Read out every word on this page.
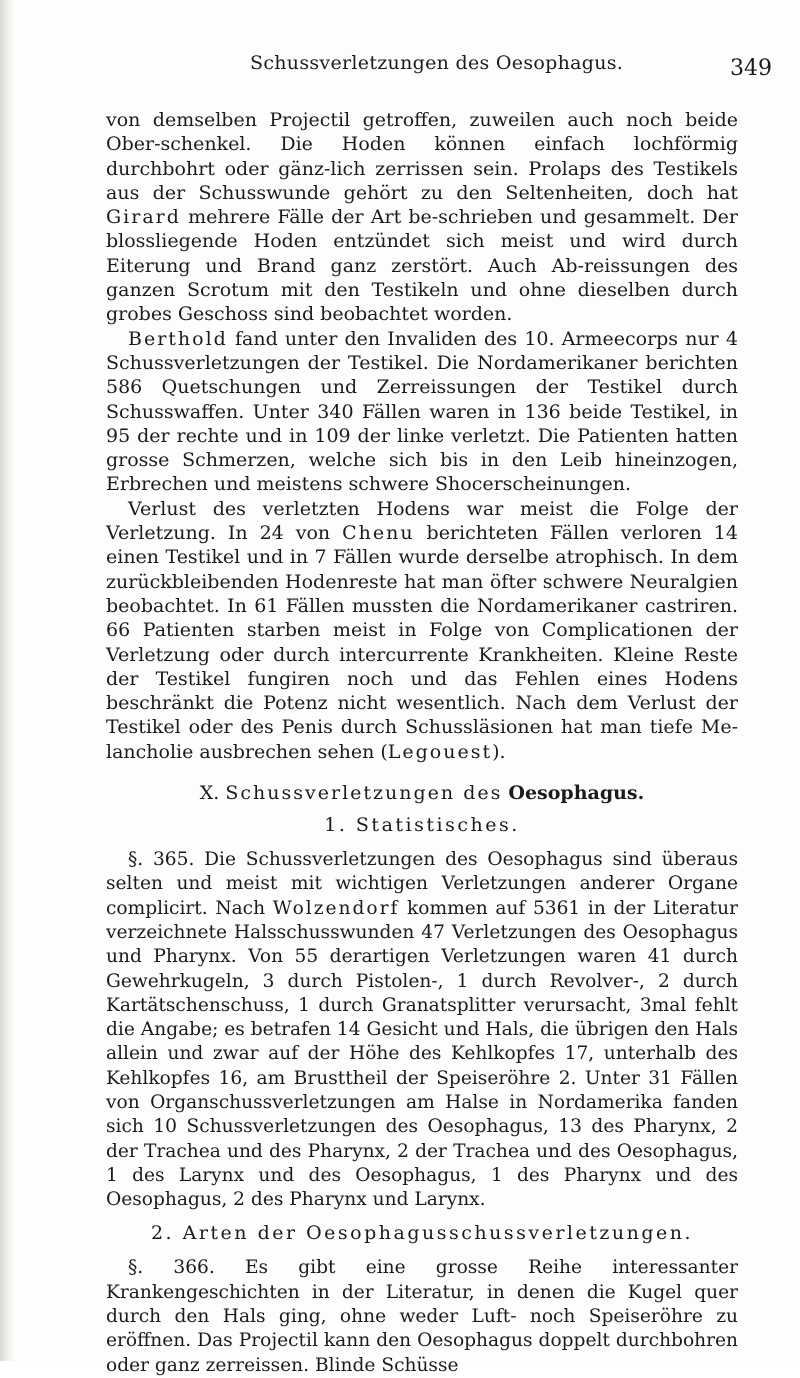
Schussverletzungen des Oesophagus.	349

von demselben Projectil getroffen, zuweilen auch noch beide Ober-schenkel. Die Hoden können einfach lochförmig durchbohrt oder gänz-lich zerrissen sein. Prolaps des Testikels aus der Schusswunde gehört zu den Seltenheiten, doch hat Girard mehrere Fälle der Art be-schrieben und gesammelt. Der blossliegende Hoden entzündet sich meist und wird durch Eiterung und Brand ganz zerstört. Auch Ab-reissungen des ganzen Scrotum mit den Testikeln und ohne dieselben durch grobes Geschoss sind beobachtet worden.

Berthold fand unter den Invaliden des 10. Armeecorps nur 4 Schussverletzungen der Testikel. Die Nordamerikaner berichten 586 Quetschungen und Zerreissungen der Testikel durch Schusswaffen. Unter 340 Fällen waren in 136 beide Testikel, in 95 der rechte und in 109 der linke verletzt. Die Patienten hatten grosse Schmerzen, welche sich bis in den Leib hineinzogen, Erbrechen und meistens schwere Shocerscheinungen.

Verlust des verletzten Hodens war meist die Folge der Verletzung. In 24 von Chenu berichteten Fällen verloren 14 einen Testikel und in 7 Fällen wurde derselbe atrophisch. In dem zurückbleibenden Hodenreste hat man öfter schwere Neuralgien beobachtet. In 61 Fällen mussten die Nordamerikaner castriren. 66 Patienten starben meist in Folge von Complicationen der Verletzung oder durch intercurrente Krankheiten. Kleine Reste der Testikel fungiren noch und das Fehlen eines Hodens beschränkt die Potenz nicht wesentlich. Nach dem Verlust der Testikel oder des Penis durch Schussläsionen hat man tiefe Me-lancholie ausbrechen sehen (Legouest).

X. Schussverletzungen des Oesophagus.
1. Statistisches.

§. 365. Die Schussverletzungen des Oesophagus sind überaus selten und meist mit wichtigen Verletzungen anderer Organe complicirt. Nach Wolzendorf kommen auf 5361 in der Literatur verzeichnete Halsschusswunden 47 Verletzungen des Oesophagus und Pharynx. Von 55 derartigen Verletzungen waren 41 durch Gewehrkugeln, 3 durch Pistolen-, 1 durch Revolver-, 2 durch Kartätschenschuss, 1 durch Granatsplitter verursacht, 3mal fehlt die Angabe; es betrafen 14 Gesicht und Hals, die übrigen den Hals allein und zwar auf der Höhe des Kehlkopfes 17, unterhalb des Kehlkopfes 16, am Brusttheil der Speiseröhre 2. Unter 31 Fällen von Organschussverletzungen am Halse in Nordamerika fanden sich 10 Schussverletzungen des Oesophagus, 13 des Pharynx, 2 der Trachea und des Pharynx, 2 der Trachea und des Oesophagus, 1 des Larynx und des Oesophagus, 1 des Pharynx und des Oesophagus, 2 des Pharynx und Larynx.

2. Arten der Oesophagusschussverletzungen.

§. 366. Es gibt eine grosse Reihe interessanter Krankengeschichten in der Literatur, in denen die Kugel quer durch den Hals ging, ohne weder Luft- noch Speiseröhre zu eröffnen. Das Projectil kann den Oesophagus doppelt durchbohren oder ganz zerreissen. Blinde Schüsse
